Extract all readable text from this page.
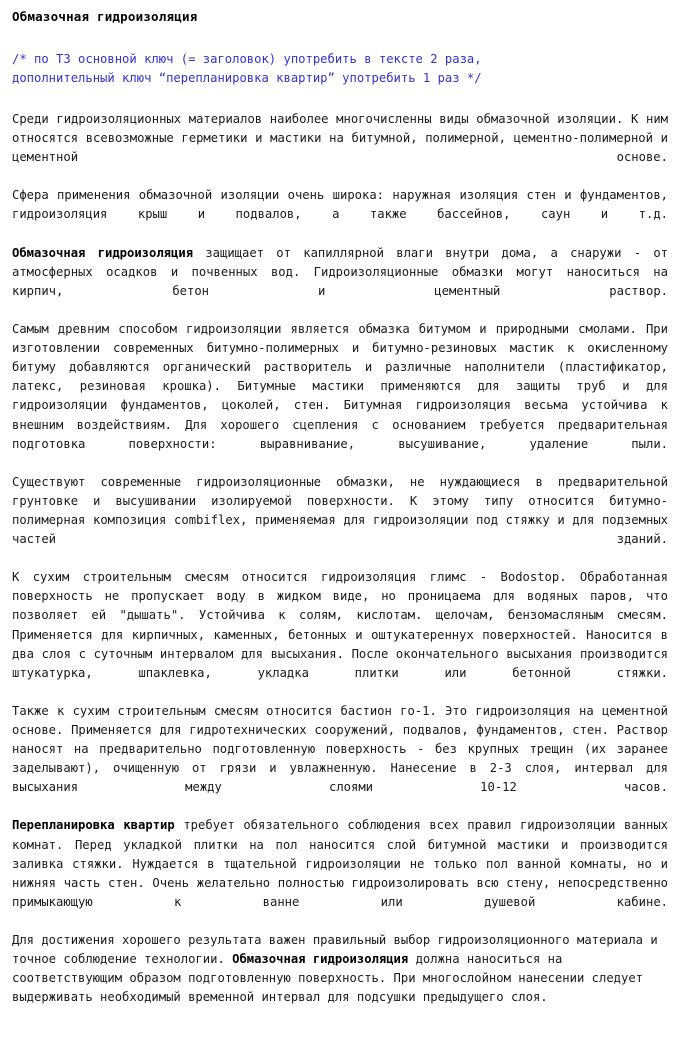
Обмазочная гидроизоляция
/* по ТЗ основной ключ (= заголовок) употребить в тексте 2 раза,
дополнительный ключ “перепланировка квартир” употребить 1 раз */

Среди гидроизоляционных материалов наиболее многочисленны виды обмазочной изоляции. К ним относятся всевозможные герметики и мастики на битумной, полимерной, цементно-полимерной и цементной основе.

Сфера применения обмазочной изоляции очень широка: наружная изоляция стен и фундаментов, гидроизоляция крыш и подвалов, а также бассейнов, саун и т.д.

Обмазочная гидроизоляция защищает от капиллярной влаги внутри дома, а снаружи - от атмосферных осадков и почвенных вод. Гидроизоляционные обмазки могут наноситься на кирпич, бетон и цементный раствор.

Самым древним способом гидроизоляции является обмазка битумом и природными смолами. При изготовлении современных битумно-полимерных и битумно-резиновых мастик к окисленному битуму добавляются органический растворитель и различные наполнители (пластификатор, латекс, резиновая крошка). Битумные мастики применяются для защиты труб и для гидроизоляции фундаментов, цоколей, стен. Битумная гидроизоляция весьма устойчива к внешним воздействиям. Для хорошего сцепления с основанием требуется предварительная подготовка поверхности: выравнивание, высушивание, удаление пыли.

Существуют современные гидроизоляционные обмазки, не нуждающиеся в предварительной грунтовке и высушивании изолируемой поверхности. К этому типу относится битумно-полимерная композиция combiflex, применяемая для гидроизоляции под стяжку и для подземных частей зданий.

К сухим строительным смесям относится гидроизоляция глимс - Bodostop. Обработанная поверхность не пропускает воду в жидком виде, но проницаема для водяных паров, что позволяет ей "дышать". Устойчива к солям, кислотам. щелочам, бензомасляным смесям. Применяется для кирпичных, каменных, бетонных и оштукатереннух поверхностей. Наносится в два слоя с суточным интервалом для высыхания. После окончательного высыхания производится штукатурка, шпаклевка, укладка плитки или бетонной стяжки.

Также к сухим строительным смесям относится бастион го-1. Это гидроизоляция на цементной основе. Применяется для гидротехнических сооружений, подвалов, фундаментов, стен. Раствор наносят на предварительно подготовленную поверхность - без крупных трещин (их заранее заделывают), очищенную от грязи и увлажненную. Нанесение в 2-3 слоя, интервал для высыхания между слоями 10-12 часов.

Перепланировка квартир требует обязательного соблюдения всех правил гидроизоляции ванных комнат. Перед укладкой плитки на пол наносится слой битумной мастики и производится заливка стяжки. Нуждается в тщательной гидроизоляции не только пол ванной комнаты, но и нижняя часть стен. Очень желательно полностью гидроизолировать всю стену, непосредственно примыкающую к ванне или душевой кабине.

Для достижения хорошего результата важен правильный выбор гидроизоляционного материала и точное соблюдение технологии. Обмазочная гидроизоляция должна наноситься на соответствующим образом подготовленную поверхность. При многослойном нанесении следует выдерживать необходимый временной интервал для подсушки предыдущего слоя.
